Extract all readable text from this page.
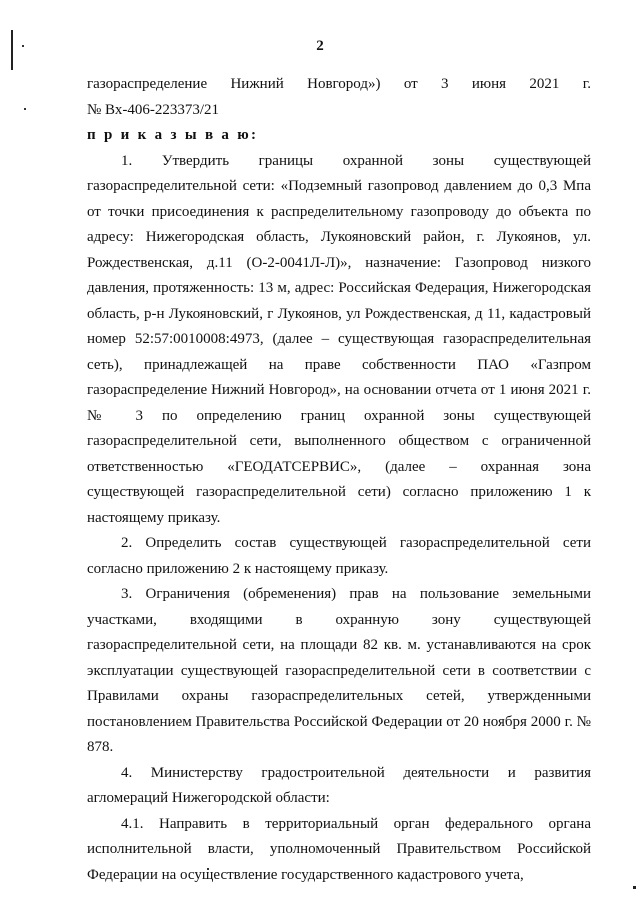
2

газораспределение Нижний Новгород») от 3 июня 2021 г.

№ Вх-406-223373/21

п р и к а з ы в а ю:

1. Утвердить границы охранной зоны существующей газораспределительной сети: «Подземный газопровод давлением до 0,3 Мпа от точки присоединения к распределительному газопроводу до объекта по адресу: Нижегородская область, Лукояновский район, г. Лукоянов, ул. Рождественская, д.11 (О-2-0041Л-Л)», назначение: Газопровод низкого давления, протяженность: 13 м, адрес: Российская Федерация, Нижегородская область, р-н Лукояновский, г Лукоянов, ул Рождественская, д 11, кадастровый номер 52:57:0010008:4973, (далее – существующая газораспределительная сеть), принадлежащей на праве собственности ПАО «Газпром газораспределение Нижний Новгород», на основании отчета от 1 июня 2021 г. № 3 по определению границ охранной зоны существующей газораспределительной сети, выполненного обществом с ограниченной ответственностью «ГЕОДАТСЕРВИС», (далее – охранная зона существующей газораспределительной сети) согласно приложению 1 к настоящему приказу.

2. Определить состав существующей газораспределительной сети согласно приложению 2 к настоящему приказу.

3. Ограничения (обременения) прав на пользование земельными участками, входящими в охранную зону существующей газораспределительной сети, на площади 82 кв. м. устанавливаются на срок эксплуатации существующей газораспределительной сети в соответствии с Правилами охраны газораспределительных сетей, утвержденными постановлением Правительства Российской Федерации от 20 ноября 2000 г. № 878.

4. Министерству градостроительной деятельности и развития агломераций Нижегородской области:

4.1. Направить в территориальный орган федерального органа исполнительной власти, уполномоченный Правительством Российской Федерации на осуществление государственного кадастрового учета,
